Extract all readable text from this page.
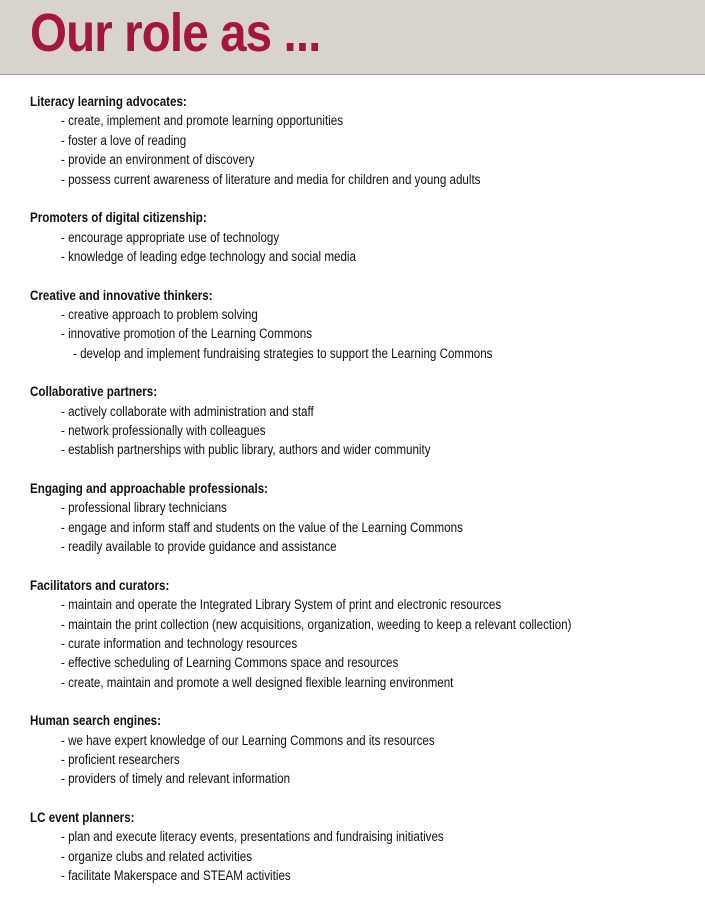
Our role as ...
Literacy learning advocates:
- create, implement and promote learning opportunities
- foster a love of reading
- provide an environment of discovery
- possess current awareness of literature and media for children and young adults
Promoters of digital citizenship:
- encourage appropriate use of technology
- knowledge of leading edge technology and social media
Creative and innovative thinkers:
- creative approach to problem solving
- innovative promotion of the Learning Commons
- develop and implement fundraising strategies to support the Learning Commons
Collaborative partners:
- actively collaborate with administration and staff
- network professionally with colleagues
- establish partnerships with public library, authors and wider community
Engaging and approachable professionals:
- professional library technicians
- engage and inform staff and students on the value of the Learning Commons
- readily available to provide guidance and assistance
Facilitators and curators:
- maintain and operate the Integrated Library System of print and electronic resources
- maintain the print collection (new acquisitions, organization, weeding to keep a relevant collection)
- curate information and technology resources
- effective scheduling of Learning Commons space and resources
- create, maintain and promote a well designed flexible learning environment
Human search engines:
- we have expert knowledge of our Learning Commons and its resources
- proficient researchers
- providers of timely and relevant information
LC event planners:
- plan and execute literacy events, presentations and fundraising initiatives
- organize clubs and related activities
- facilitate Makerspace and STEAM activities
